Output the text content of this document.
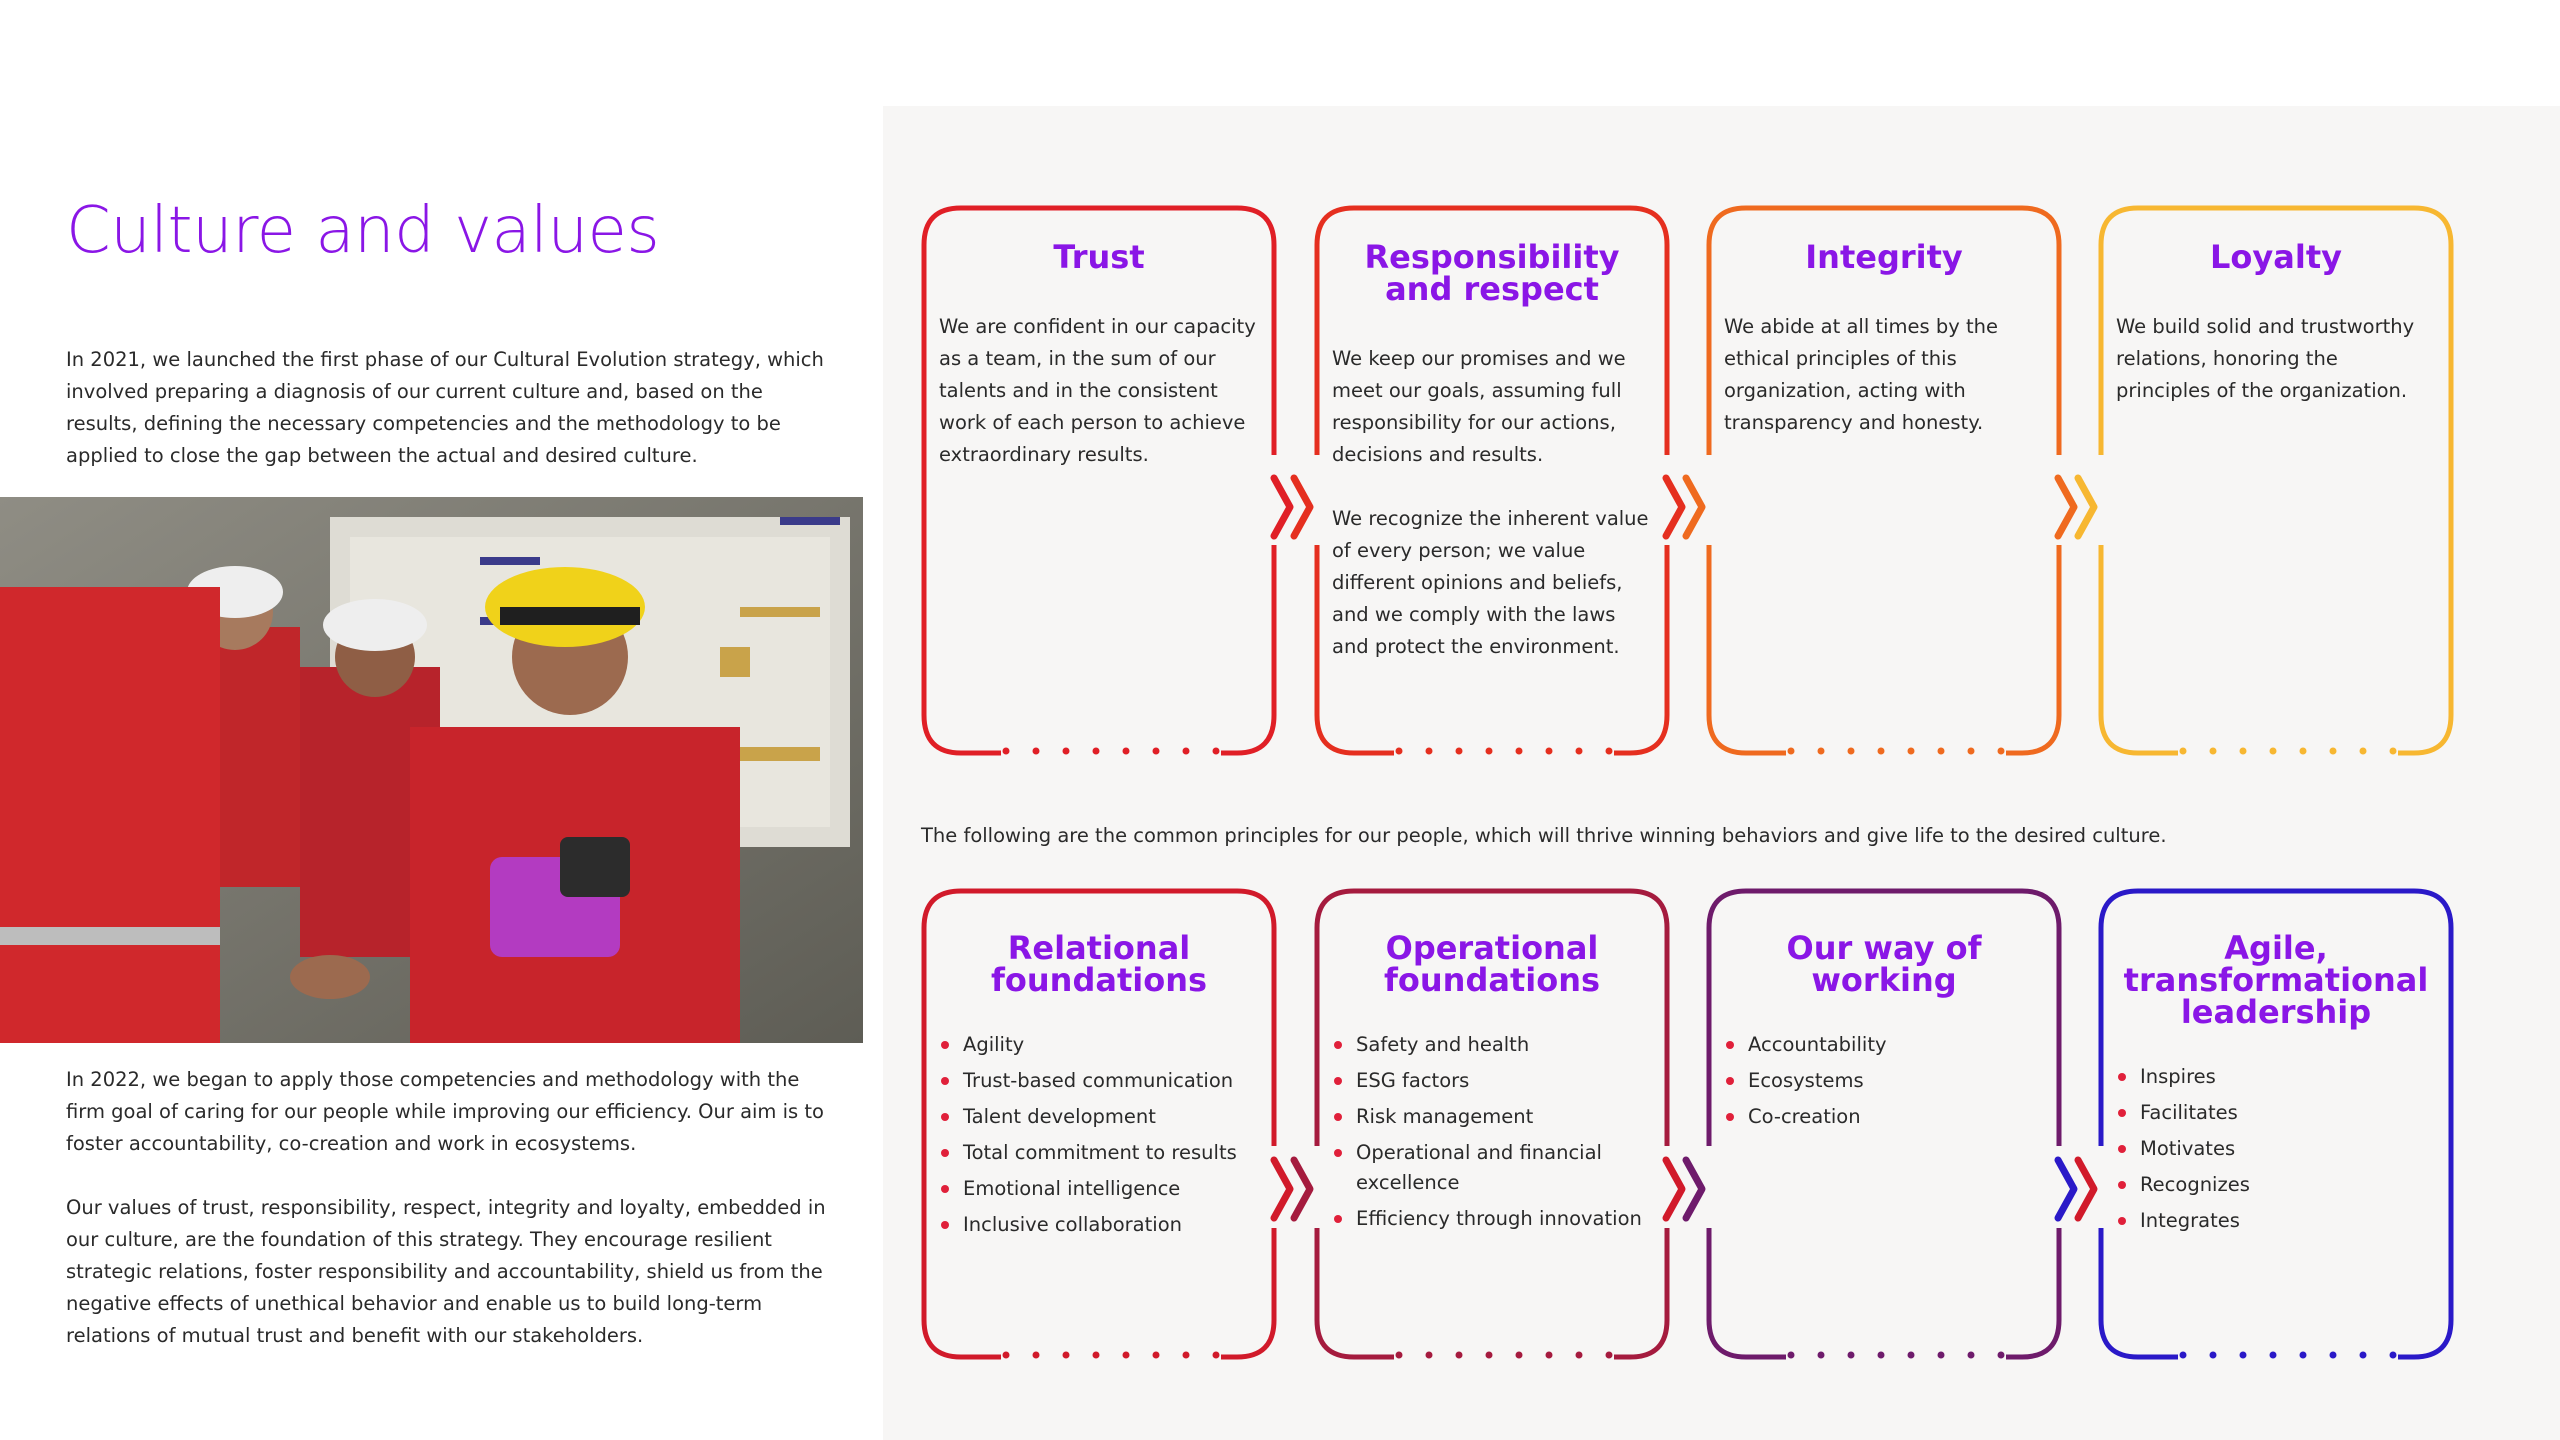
Culture and values

In 2021, we launched the first phase of our Cultural Evolution strategy, which involved preparing a diagnosis of our current culture and, based on the results, defining the necessary competencies and the methodology to be applied to close the gap between the actual and desired culture.

In 2022, we began to apply those competencies and methodology with the firm goal of caring for our people while improving our efficiency. Our aim is to foster accountability, co-creation and work in ecosystems.

Our values of trust, responsibility, respect, integrity and loyalty, embedded in our culture, are the foundation of this strategy. They encourage resilient strategic relations, foster responsibility and accountability, shield us from the negative effects of unethical behavior and enable us to build long-term relations of mutual trust and benefit with our stakeholders.

The following are the common principles for our people, which will thrive winning behaviors and give life to the desired culture.

Trust

We are confident in our capacity as a team, in the sum of our talents and in the consistent work of each person to achieve extraordinary results.

Responsibility
and respect

We keep our promises and we meet our goals, assuming full responsibility for our actions, decisions and results.

We recognize the inherent value of every person; we value different opinions and beliefs, and we comply with the laws and protect the environment.

Integrity

We abide at all times by the ethical principles of this organization, acting with transparency and honesty.

Loyalty

We build solid and trustworthy relations, honoring the principles of the organization.

Relational
foundations
Agility
Trust-based communication
Talent development
Total commitment to results
Emotional intelligence
Inclusive collaboration
Operational
foundations
Safety and health
ESG factors
Risk management
Operational and financial excellence
Efficiency through innovation
Our way of
working
Accountability
Ecosystems
Co-creation
Agile,
transformational
leadership
Inspires
Facilitates
Motivates
Recognizes
Integrates
